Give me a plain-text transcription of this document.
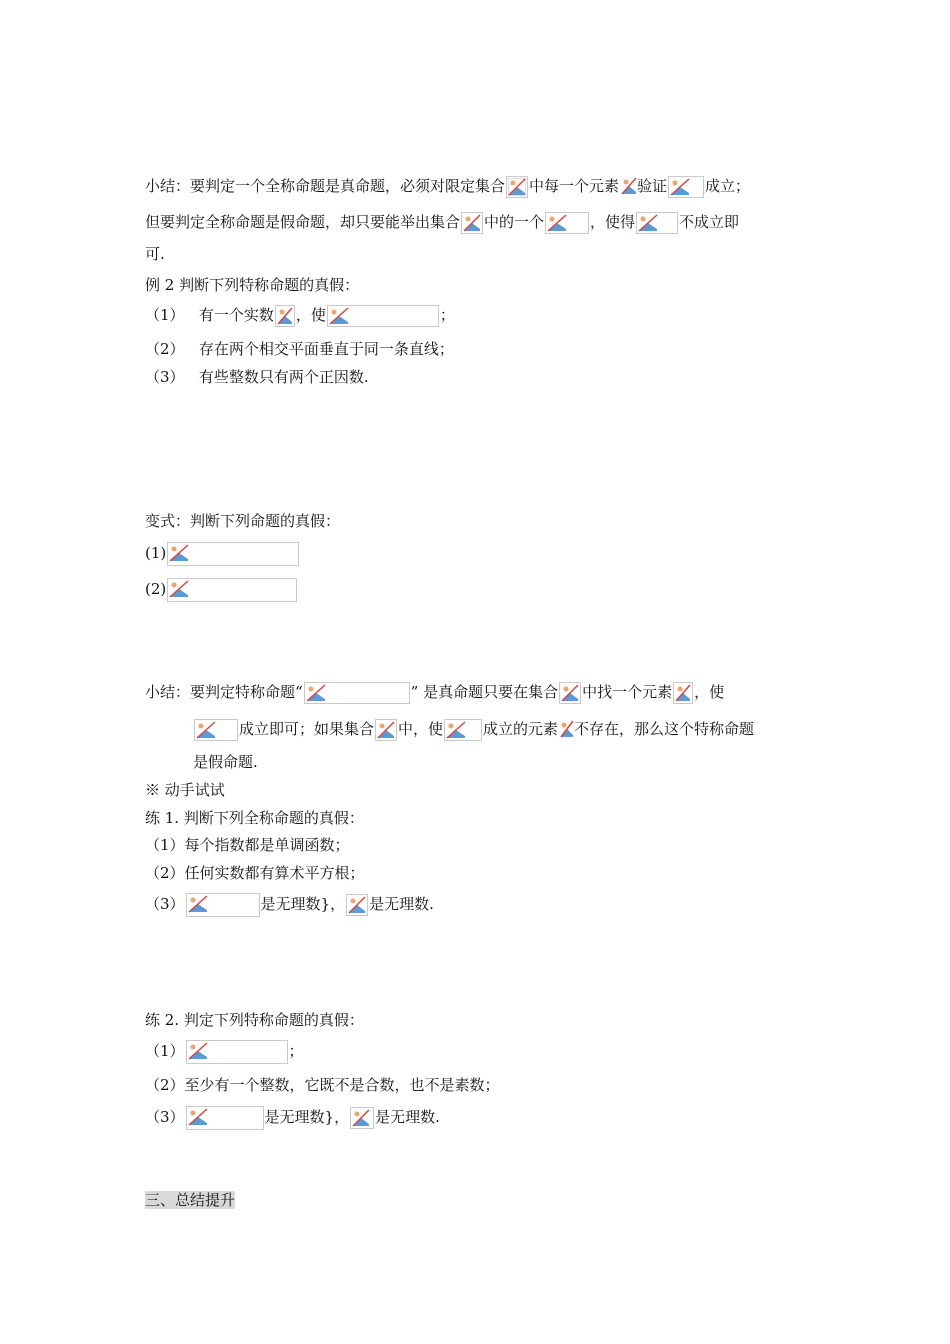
小结：要判定一个全称命题是真命题，必须对限定集合 中每一个元素 验证	成立；
但要判定全称命题是假命题，却只要能举出集合 中的一个	，使得	不成立即
可.
例 2 判断下列特称命题的真假：
（1） 有一个实数 ，使	；
（2） 存在两个相交平面垂直于同一条直线；
（3） 有些整数只有两个正因数.
变式：判断下列命题的真假：
(1)
(2)
小结：要判定特称命题“	” 是真命题只要在集合 中找一个元素 ，使
成立即可；如果集合 中，使	成立的元素 不存在，那么这个特称命题
是假命题.
※ 动手试试
练 1. 判断下列全称命题的真假：
（1）每个指数都是单调函数；
（2）任何实数都有算术平方根；
（3）	是无理数}， 是无理数.
练 2. 判定下列特称命题的真假：
（1）	；
（2）至少有一个整数，它既不是合数，也不是素数；
（3）	是无理数}， 是无理数.
三、总结提升
